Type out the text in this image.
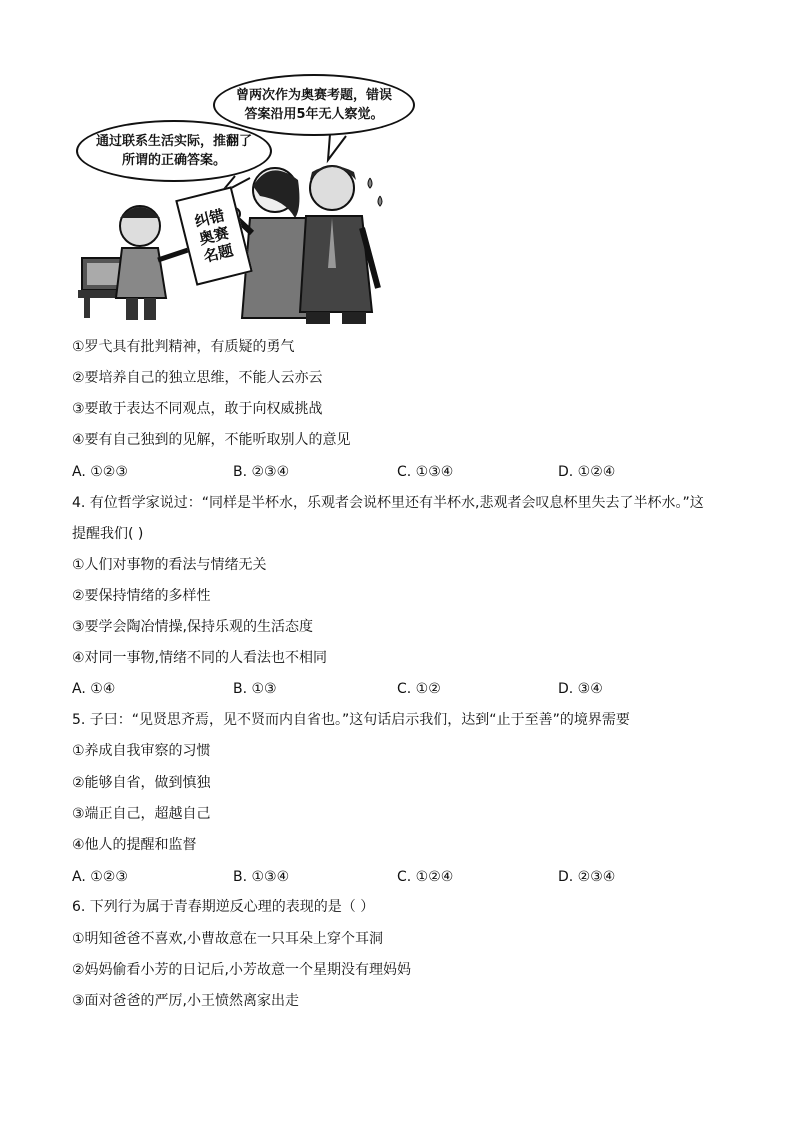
曾两次作为奥赛考题，错误答案沿用5年无人察觉。
通过联系生活实际，推翻了所谓的正确答案。
纠错奥赛名题
①罗弋具有批判精神，有质疑的勇气
②要培养自己的独立思维，不能人云亦云
③要敢于表达不同观点，敢于向权威挑战
④要有自己独到的见解，不能听取别人的意见
A. ①②③	B. ②③④	C. ①③④	D. ①②④
4. 有位哲学家说过：“同样是半杯水，乐观者会说杯里还有半杯水,悲观者会叹息杯里失去了半杯水。”这
提醒我们( )
①人们对事物的看法与情绪无关
②要保持情绪的多样性
③要学会陶冶情操,保持乐观的生活态度
④对同一事物,情绪不同的人看法也不相同
A. ①④	B. ①③	C. ①②	D. ③④
5. 子曰：“见贤思齐焉，见不贤而内自省也。”这句话启示我们，达到“止于至善”的境界需要
①养成自我审察的习惯
②能够自省，做到慎独
③端正自己，超越自己
④他人的提醒和监督
A. ①②③	B. ①③④	C. ①②④	D. ②③④
6. 下列行为属于青春期逆反心理的表现的是（ ）
①明知爸爸不喜欢,小曹故意在一只耳朵上穿个耳洞
②妈妈偷看小芳的日记后,小芳故意一个星期没有理妈妈
③面对爸爸的严厉,小王愤然离家出走
